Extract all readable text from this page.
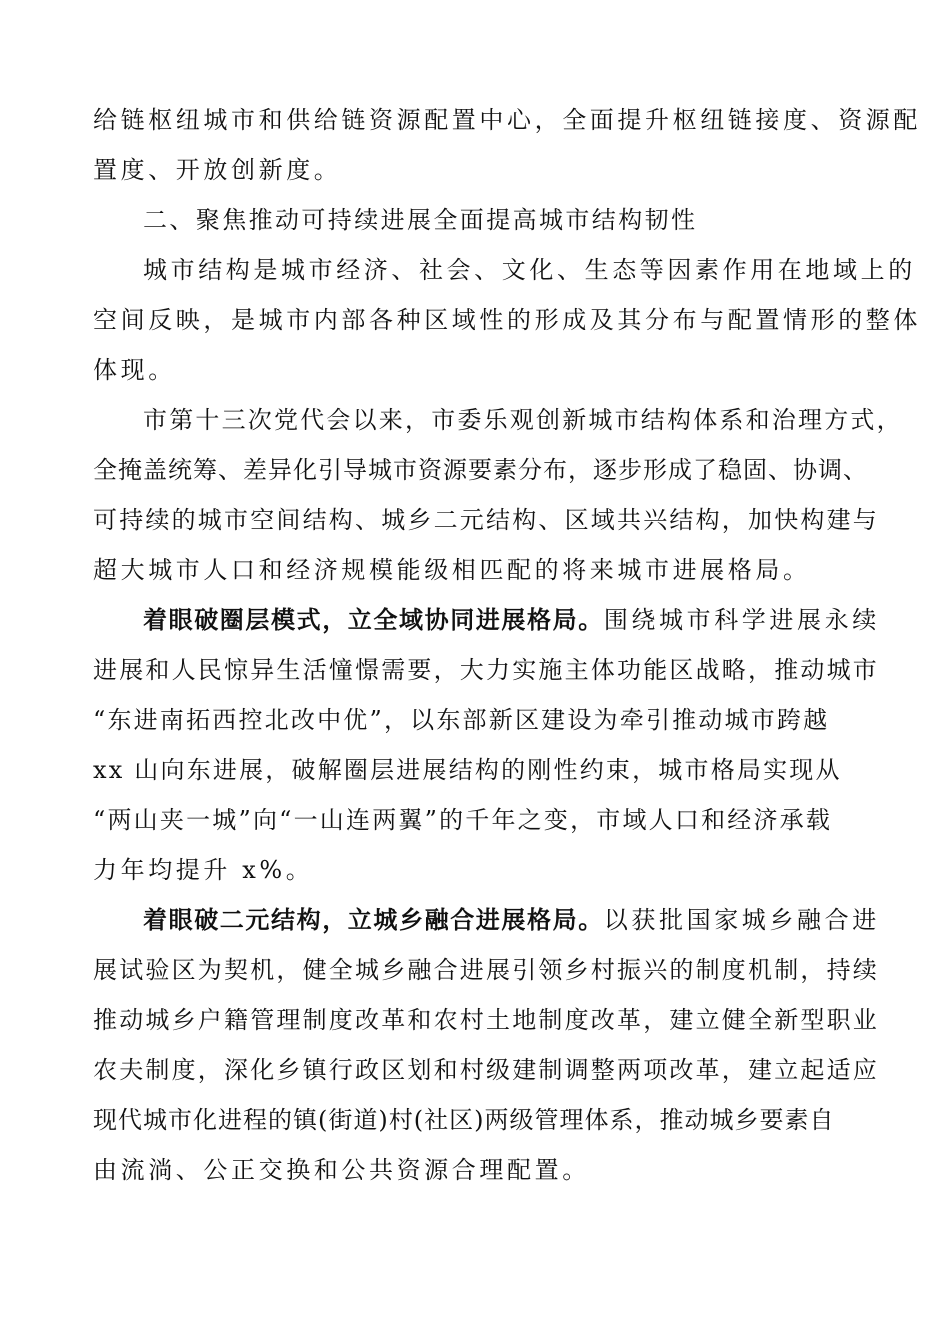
给链枢纽城市和供给链资源配置中心，全面提升枢纽链接度、资源配
置度、开放创新度。
二、聚焦推动可持续进展全面提高城市结构韧性
城市结构是城市经济、社会、文化、生态等因素作用在地域上的
空间反映，是城市内部各种区域性的形成及其分布与配置情形的整体
体现。
市第十三次党代会以来，市委乐观创新城市结构体系和治理方式，
全掩盖统筹、差异化引导城市资源要素分布，逐步形成了稳固、协调、
可持续的城市空间结构、城乡二元结构、区域共兴结构，加快构建与
超大城市人口和经济规模能级相匹配的将来城市进展格局。
着眼破圈层模式，立全域协同进展格局。围绕城市科学进展永续
进展和人民惊异生活憧憬需要，大力实施主体功能区战略，推动城市
“东进南拓西控北改中优”，以东部新区建设为牵引推动城市跨越
xx 山向东进展，破解圈层进展结构的刚性约束，城市格局实现从
“两山夹一城”向“一山连两翼”的千年之变，市域人口和经济承载
力年均提升 x%。
着眼破二元结构，立城乡融合进展格局。以获批国家城乡融合进
展试验区为契机，健全城乡融合进展引领乡村振兴的制度机制，持续
推动城乡户籍管理制度改革和农村土地制度改革，建立健全新型职业
农夫制度，深化乡镇行政区划和村级建制调整两项改革，建立起适应
现代城市化进程的镇(街道)村(社区)两级管理体系，推动城乡要素自
由流淌、公正交换和公共资源合理配置。
